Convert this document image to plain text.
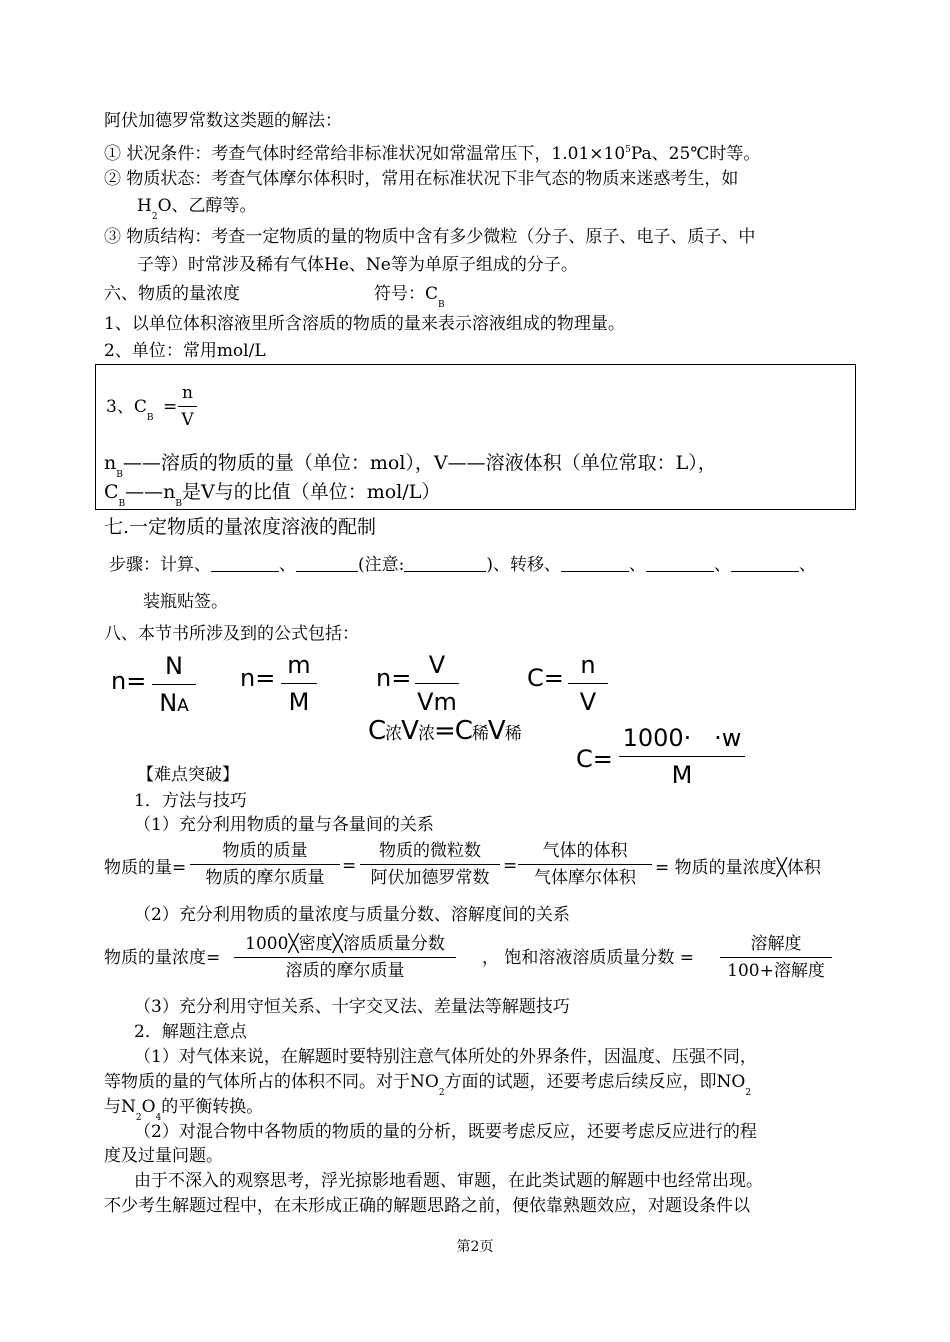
阿伏加德罗常数这类题的解法：
① 状况条件：考查气体时经常给非标准状况如常温常压下，$1.01\times 10^5Pa$、25℃时等。
② 物质状态：考查气体摩尔体积时，常用在标准状况下非气态的物质来迷惑考生，如
$H_2O$、乙醇等。
③ 物质结构：考查一定物质的量的物质中含有多少微粒（分子、原子、电子、质子、中
子等）时常涉及稀有气体He、Ne等为单原子组成的分子。
六、物质的量浓度	符号：$C_B$
1、以单位体积溶液里所含溶质的物质的量来表示溶液组成的物理量。
2、单位：常用mol/L
3、$C_B$
= $\frac{n}{V}$
$n_B——$溶质的物质的量（单位：mol），V——溶液体积（单位常取：L），
$C_B——n_B$是V与的比值（单位：mol/L）
七.一定物质的量浓度溶液的配制
步骤：计算、	、	(注意:	)、转移、	、	、	、
装瓶贴签。
八、本节书所涉及到的公式包括：
$n= \frac{N}{NA} n= \frac{m}{M} n= \frac{V}{Vm}$	$C= \frac{n}{V}$
C浓V浓=C稀V稀
$C= \frac{1000\cdot \cdot w}{M}$
【难点突破】
1．方法与技巧
（1）充分利用物质的量与各量间的关系
物质的量=
物质的质量
物质的摩尔质量
=
物质的微粒数
阿伏加德罗常数
=
气体的体积
气体摩尔体积	= 物质的量浓度╳体积
（2）充分利用物质的量浓度与质量分数、溶解度间的关系
物质的量浓度=
1000╳密度╳溶质质量分数
溶质的摩尔质量
， 饱和溶液溶质质量分数 =
溶解度
100+溶解度
（3）充分利用守恒关系、十字交叉法、差量法等解题技巧
2．解题注意点
（1）对气体来说，在解题时要特别注意气体所处的外界条件，因温度、压强不同，
等物质的量的气体所占的体积不同。对于$NO_2$方面的试题，还要考虑后续反应，即$NO_2$
与$N_2O_4$的平衡转换。
（2）对混合物中各物质的物质的量的分析，既要考虑反应，还要考虑反应进行的程
度及过量问题。
由于不深入的观察思考，浮光掠影地看题、审题，在此类试题的解题中也经常出现。
不少考生解题过程中，在未形成正确的解题思路之前，便依靠熟题效应，对题设条件以
第2页
